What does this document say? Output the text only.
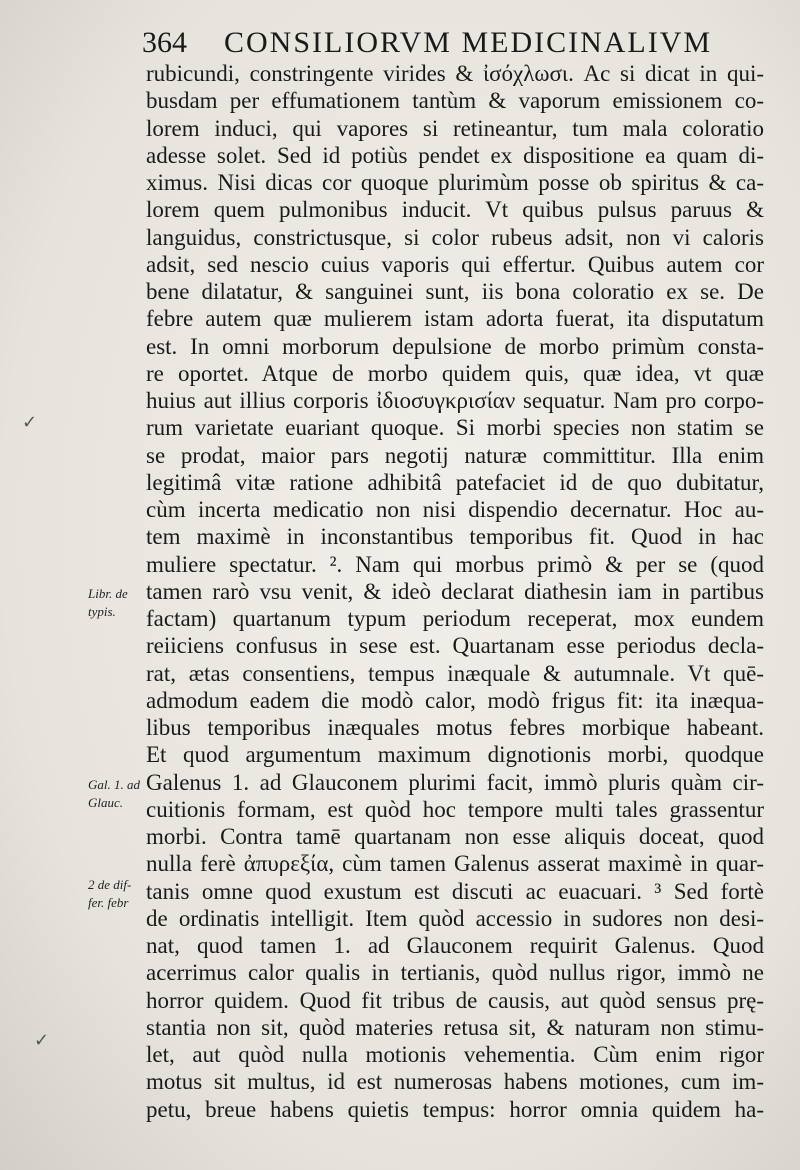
364 CONSILIORVM MEDICINALIVM
rubicundi, constringente virides & ἰσόχλωσι. Ac si dicat in qui-
busdam per effumationem tantùm & vaporum emissionem co-
lorem induci, qui vapores si retineantur, tum mala coloratio
adesse solet. Sed id potiùs pendet ex dispositione ea quam di-
ximus. Nisi dicas cor quoque plurimùm posse ob spiritus & ca-
lorem quem pulmonibus inducit. Vt quibus pulsus paruus &
languidus, constrictusque, si color rubeus adsit, non vi caloris
adsit, sed nescio cuius vaporis qui effertur. Quibus autem cor
bene dilatatur, & sanguinei sunt, iis bona coloratio ex se. De
febre autem quæ mulierem istam adorta fuerat, ita disputatum
est. In omni morborum depulsione de morbo primùm consta-
re oportet. Atque de morbo quidem quis, quæ idea, vt quæ
huius aut illius corporis ἰδιοσυγκρισίαν sequatur. Nam pro corpo-
rum varietate euariant quoque. Si morbi species non statim se
se prodat, maior pars negotij naturæ committitur. Illa enim
legitimâ vitæ ratione adhibitâ patefaciet id de quo dubitatur,
cùm incerta medicatio non nisi dispendio decernatur. Hoc au-
tem maximè in inconstantibus temporibus fit. Quod in hac
muliere spectatur. ². Nam qui morbus primò & per se (quod
tamen rarò vsu venit, & ideò declarat diathesin iam in partibus
factam) quartanum typum periodum receperat, mox eundem
reiiciens confusus in sese est. Quartanam esse periodus decla-
rat, ætas consentiens, tempus inæquale & autumnale. Vt quē-
admodum eadem die modò calor, modò frigus fit: ita inæqua-
libus temporibus inæquales motus febres morbique habeant.
Et quod argumentum maximum dignotionis morbi, quodque
Galenus 1. ad Glauconem plurimi facit, immò pluris quàm cir-
cuitionis formam, est quòd hoc tempore multi tales grassentur
morbi. Contra tamē quartanam non esse aliquis doceat, quod
nulla ferè ἀπυρεξία, cùm tamen Galenus asserat maximè in quar-
tanis omne quod exustum est discuti ac euacuari. ³ Sed fortè
de ordinatis intelligit. Item quòd accessio in sudores non desi-
nat, quod tamen 1. ad Glauconem requirit Galenus. Quod
acerrimus calor qualis in tertianis, quòd nullus rigor, immò ne
horror quidem. Quod fit tribus de causis, aut quòd sensus prę-
stantia non sit, quòd materies retusa sit, & naturam non stimu-
let, aut quòd nulla motionis vehementia. Cùm enim rigor
motus sit multus, id est numerosas habens motiones, cum im-
petu, breue habens quietis tempus: horror omnia quidem ha-
Libr. de
typis.
Gal. 1. ad
Glauc.
2 de dif-
fer. febr
✓
✓
